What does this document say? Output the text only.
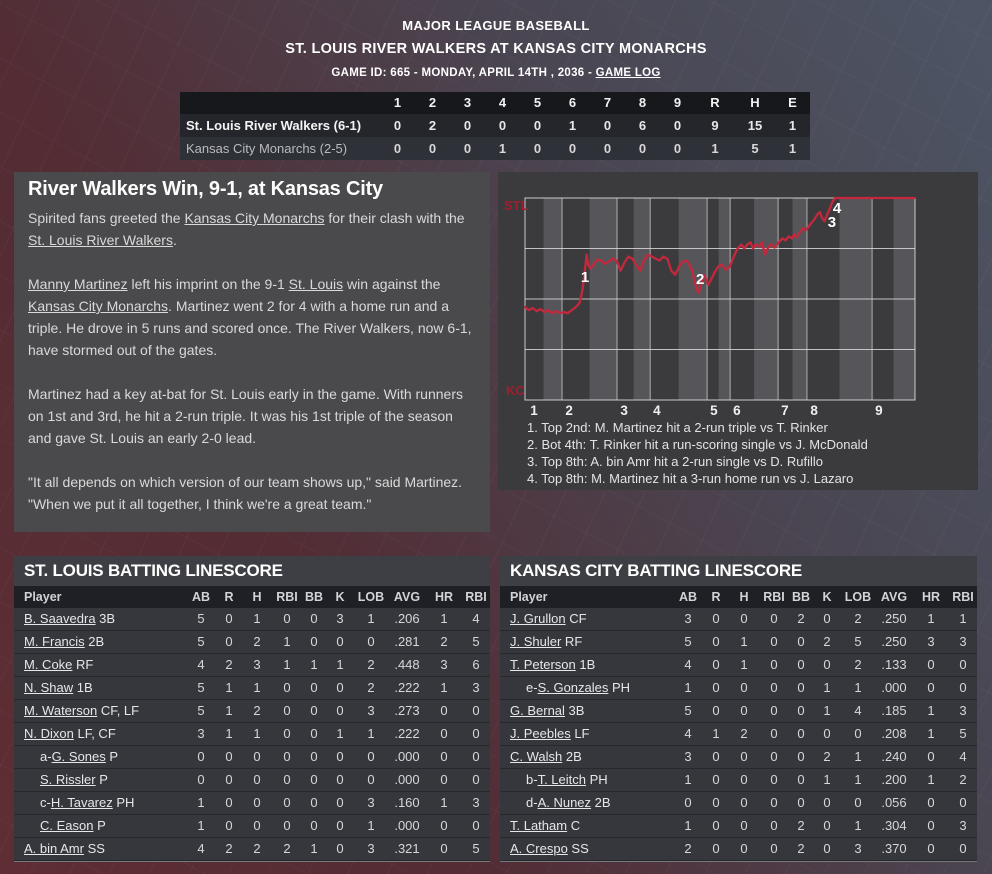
MAJOR LEAGUE BASEBALL
ST. LOUIS RIVER WALKERS AT KANSAS CITY MONARCHS
GAME ID: 665 - MONDAY, APRIL 14TH , 2036 - GAME LOG
	1	2	3	4	5	6	7	8	9	R	H	E
St. Louis River Walkers (6-1)	0	2	0	0	0	1	0	6	0	9	15	1
Kansas City Monarchs (2-5)	0	0	0	1	0	0	0	0	0	1	5	1
River Walkers Win, 9-1, at Kansas City

Spirited fans greeted the Kansas City Monarchs for their clash with the St. Louis River Walkers.

Manny Martinez left his imprint on the 9-1 St. Louis win against the Kansas City Monarchs. Martinez went 2 for 4 with a home run and a triple. He drove in 5 runs and scored once. The River Walkers, now 6-1, have stormed out of the gates.

Martinez had a key at-bat for St. Louis early in the game. With runners on 1st and 3rd, he hit a 2-run triple. It was his 1st triple of the season and gave St. Louis an early 2-0 lead.

"It all depends on which version of our team shows up," said Martinez. "When we put it all together, I think we're a great team."

1	2
3
4
STL
KC
1 2	3 4	5 6	7 8	9
1. Top 2nd: M. Martinez hit a 2-run triple vs T. Rinker
2. Bot 4th: T. Rinker hit a run-scoring single vs J. McDonald
3. Top 8th: A. bin Amr hit a 2-run single vs D. Rufillo
4. Top 8th: M. Martinez hit a 3-run home run vs J. Lazaro
ST. LOUIS BATTING LINESCORE
Player	AB	R	H	RBI	BB	K	LOB	AVG	HR	RBI
B. Saavedra 3B	5	0	1	0	0	3	1	.206	1	4
M. Francis 2B	5	0	2	1	0	0	0	.281	2	5
M. Coke RF	4	2	3	1	1	1	2	.448	3	6
N. Shaw 1B	5	1	1	0	0	0	2	.222	1	3
M. Waterson CF, LF	5	1	2	0	0	0	3	.273	0	0
N. Dixon LF, CF	3	1	1	0	0	1	1	.222	0	0
a-G. Sones P	0	0	0	0	0	0	0	.000	0	0
S. Rissler P	0	0	0	0	0	0	0	.000	0	0
c-H. Tavarez PH	1	0	0	0	0	0	3	.160	1	3
C. Eason P	1	0	0	0	0	0	1	.000	0	0
A. bin Amr SS	4	2	2	2	1	0	3	.321	0	5
KANSAS CITY BATTING LINESCORE
Player	AB	R	H	RBI	BB	K	LOB	AVG	HR	RBI
J. Grullon CF	3	0	0	0	2	0	2	.250	1	1
J. Shuler RF	5	0	1	0	0	2	5	.250	3	3
T. Peterson 1B	4	0	1	0	0	0	2	.133	0	0
e-S. Gonzales PH	1	0	0	0	0	1	1	.000	0	0
G. Bernal 3B	5	0	0	0	0	1	4	.185	1	3
J. Peebles LF	4	1	2	0	0	0	0	.208	1	5
C. Walsh 2B	3	0	0	0	0	2	1	.240	0	4
b-T. Leitch PH	1	0	0	0	0	1	1	.200	1	2
d-A. Nunez 2B	0	0	0	0	0	0	0	.056	0	0
T. Latham C	1	0	0	0	2	0	1	.304	0	3
A. Crespo SS	2	0	0	0	2	0	3	.370	0	0
